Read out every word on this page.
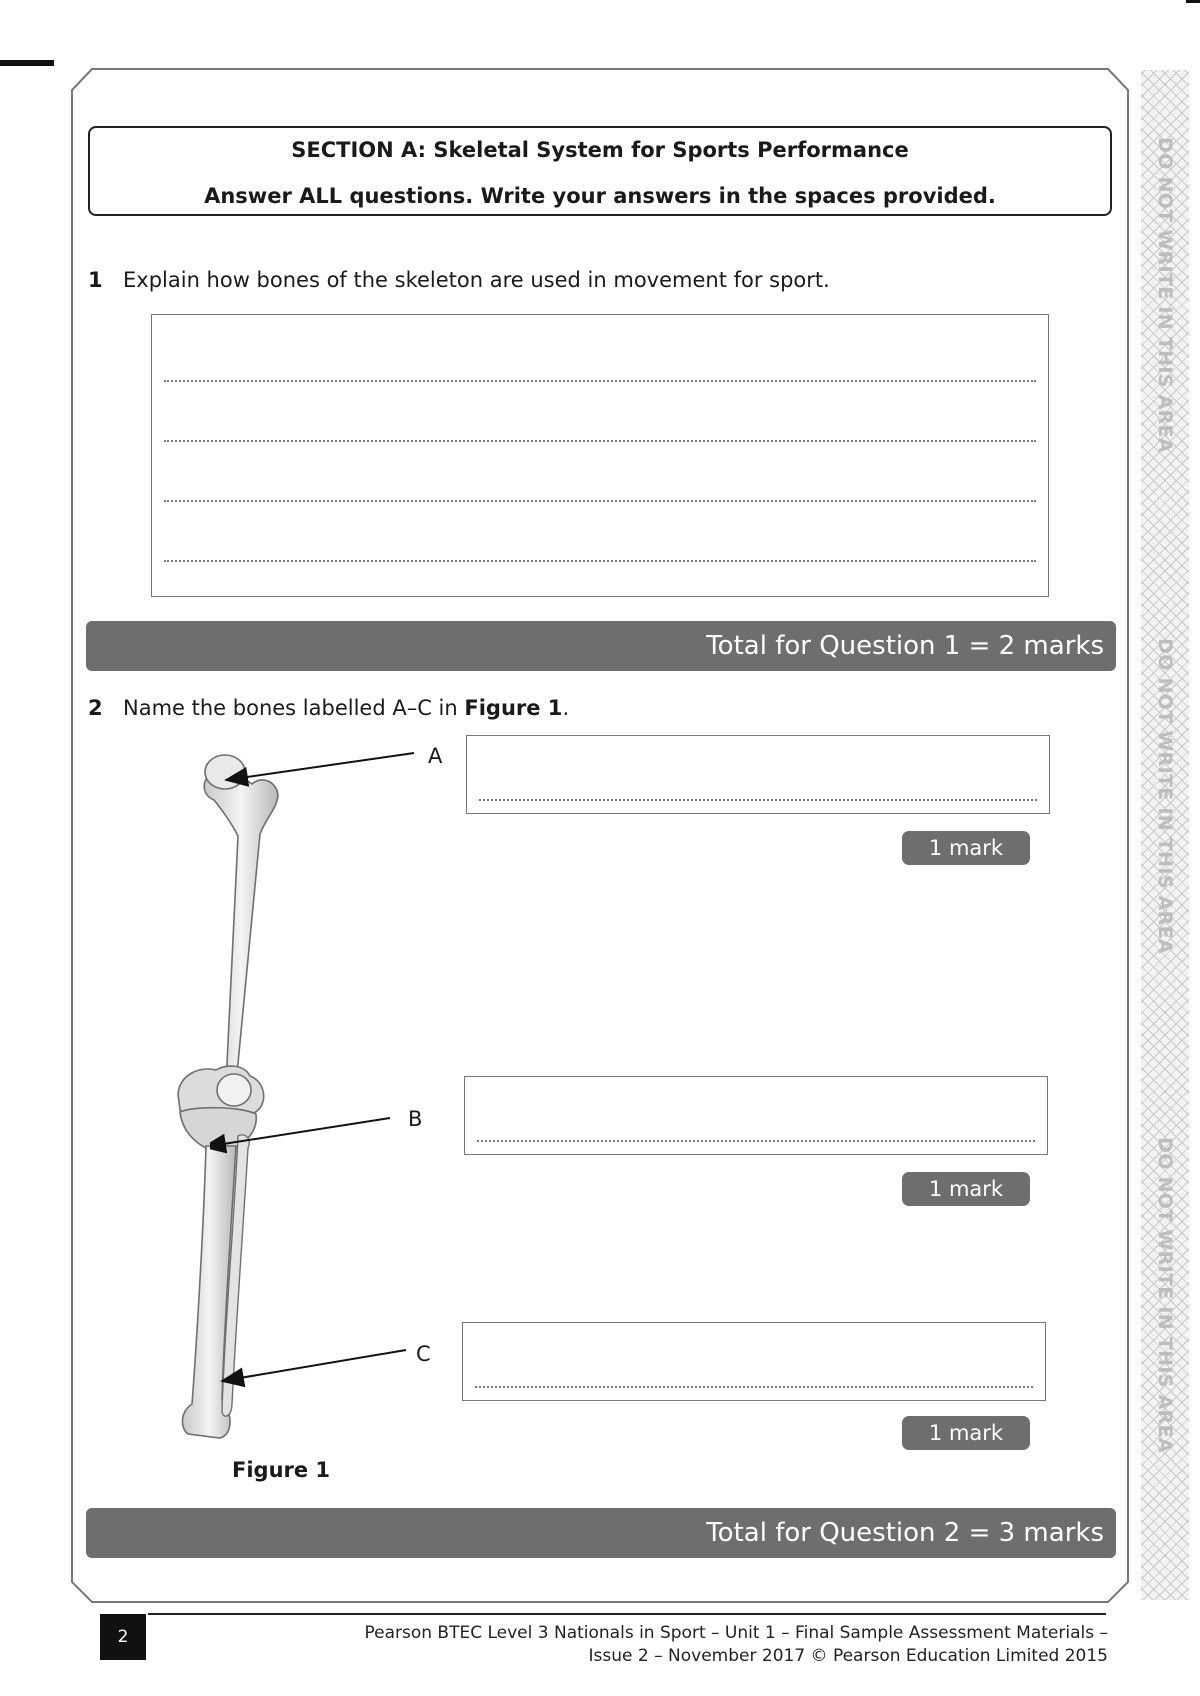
SECTION A: Skeletal System for Sports Performance
Answer ALL questions. Write your answers in the spaces provided.
1 Explain how bones of the skeleton are used in movement for sport.
Total for Question 1 = 2 marks
2 Name the bones labelled A–C in Figure 1.
A
B
C
1 mark
1 mark
1 mark
Figure 1
Total for Question 2 = 3 marks
DO NOT WRITE IN THIS AREA
DO NOT WRITE IN THIS AREA
DO NOT WRITE IN THIS AREA
2	Pearson BTEC Level 3 Nationals in Sport – Unit 1 – Final Sample Assessment Materials –
Issue 2 – November 2017 © Pearson Education Limited 2015
